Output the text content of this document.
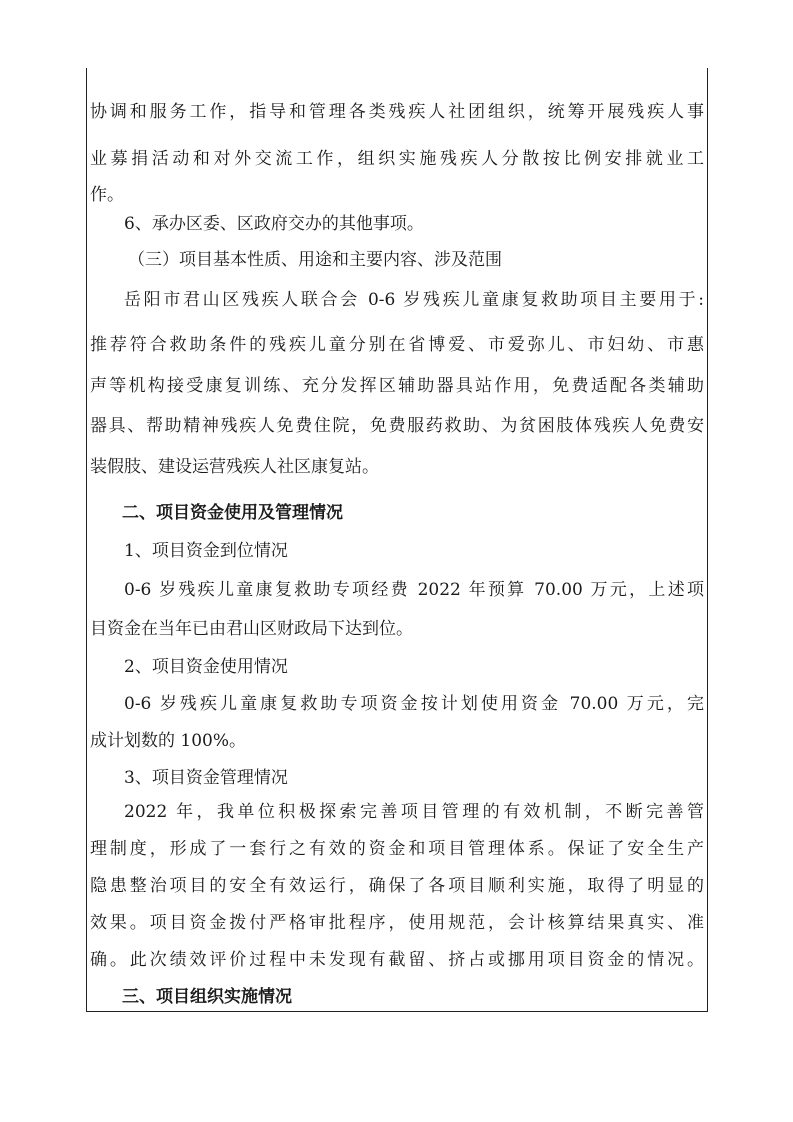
协调和服务工作，指导和管理各类残疾人社团组织，统筹开展残疾人事
业募捐活动和对外交流工作，组织实施残疾人分散按比例安排就业工
作。
6、承办区委、区政府交办的其他事项。
（三）项目基本性质、用途和主要内容、涉及范围
岳阳市君山区残疾人联合会 0-6 岁残疾儿童康复救助项目主要用于:
推荐符合救助条件的残疾儿童分别在省博爱、市爱弥儿、市妇幼、市惠
声等机构接受康复训练、充分发挥区辅助器具站作用，免费适配各类辅助
器具、帮助精神残疾人免费住院，免费服药救助、为贫困肢体残疾人免费安
装假肢、建设运营残疾人社区康复站。
二、项目资金使用及管理情况
1、项目资金到位情况
0-6 岁残疾儿童康复救助专项经费 2022 年预算 70.00 万元，上述项
目资金在当年已由君山区财政局下达到位。
2、项目资金使用情况
0-6 岁残疾儿童康复救助专项资金按计划使用资金 70.00 万元，完
成计划数的 100%。
3、项目资金管理情况
2022 年，我单位积极探索完善项目管理的有效机制，不断完善管
理制度，形成了一套行之有效的资金和项目管理体系。保证了安全生产
隐患整治项目的安全有效运行，确保了各项目顺利实施，取得了明显的
效果。项目资金拨付严格审批程序，使用规范，会计核算结果真实、准
确。此次绩效评价过程中未发现有截留、挤占或挪用项目资金的情况。
三、项目组织实施情况
